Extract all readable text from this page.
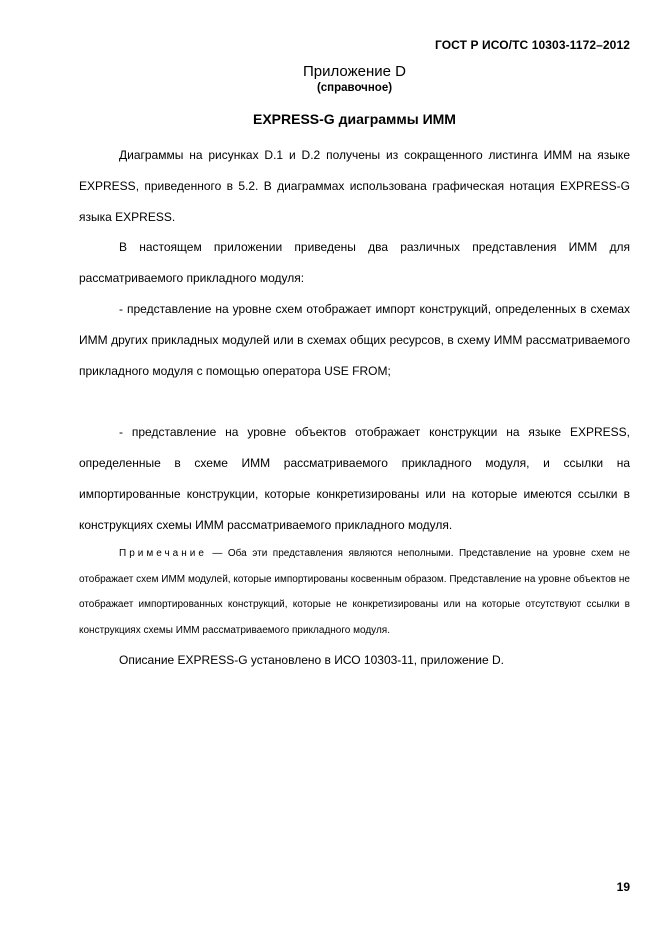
ГОСТ Р ИСО/ТС 10303-1172–2012
Приложение D
(справочное)
EXPRESS-G диаграммы ИММ

Диаграммы на рисунках D.1 и D.2 получены из сокращенного листинга ИММ на языке EXPRESS, приведенного в 5.2. В диаграммах использована графическая нотация EXPRESS-G языка EXPRESS.

В настоящем приложении приведены два различных представления ИММ для рассматриваемого прикладного модуля:

- представление на уровне схем отображает импорт конструкций, определенных в схемах ИММ других прикладных модулей или в схемах общих ресурсов, в схему ИММ рассматриваемого прикладного модуля с помощью оператора USE FROM;

- представление на уровне объектов отображает конструкции на языке EXPRESS, определенные в схеме ИММ рассматриваемого прикладного модуля, и ссылки на импортированные конструкции, которые конкретизированы или на которые имеются ссылки в конструкциях схемы ИММ рассматриваемого прикладного модуля.

Примечание — Оба эти представления являются неполными. Представление на уровне схем не отображает схем ИММ модулей, которые импортированы косвенным образом. Представление на уровне объектов не отображает импортированных конструкций, которые не конкретизированы или на которые отсутствуют ссылки в конструкциях схемы ИММ рассматриваемого прикладного модуля.

Описание EXPRESS-G установлено в ИСО 10303-11, приложение D.

19
